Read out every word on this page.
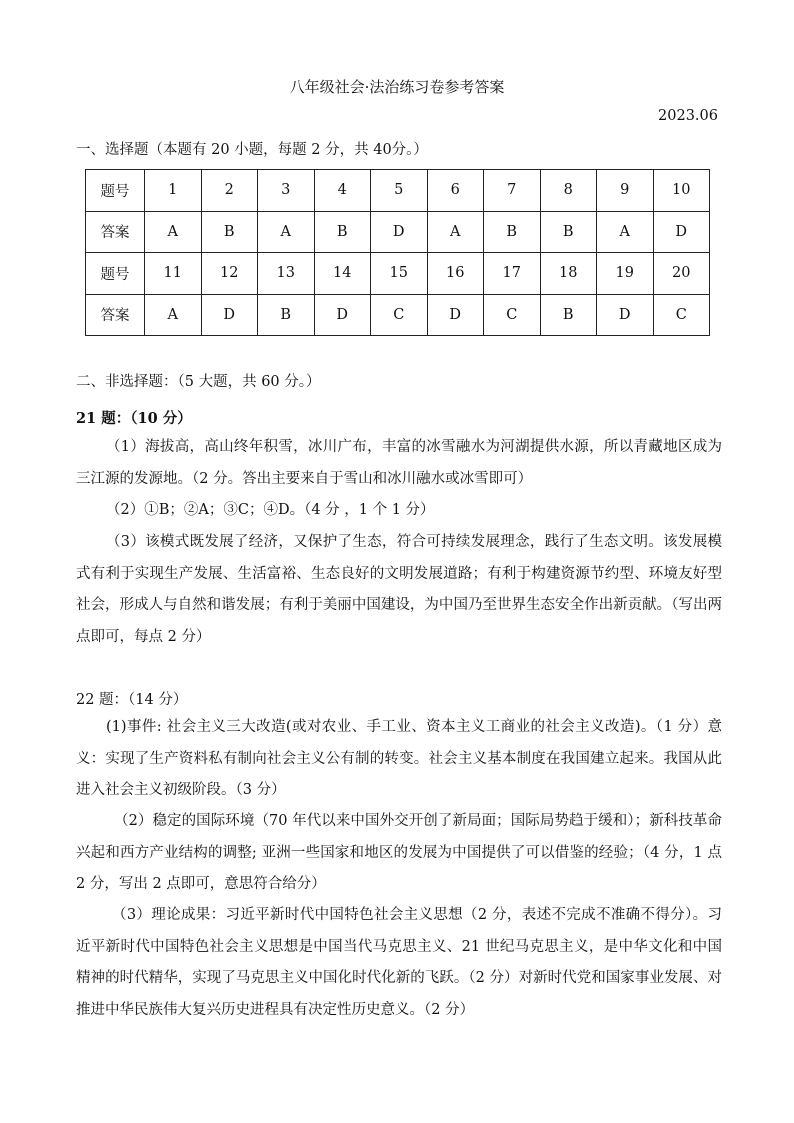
八年级社会·法治练习卷参考答案
2023.06
一、选择题（本题有 20 小题，每题 2 分，共 40分。）
题号	1	2	3	4	5	6	7	8	9	10
答案	A	B	A	B	D	A	B	B	A	D
题号	11	12	13	14	15	16	17	18	19	20
答案	A	D	B	D	C	D	C	B	D	C
二、非选择题：（5 大题，共 60 分。）
21 题：（10 分）
（1）海拔高，高山终年积雪，冰川广布，丰富的冰雪融水为河湖提供水源，所以青藏地区成为三江源的发源地。（2 分。答出主要来自于雪山和冰川融水或冰雪即可）
（2）①B；②A；③C；④D。（4 分 ，1 个 1 分）
（3）该模式既发展了经济，又保护了生态，符合可持续发展理念，践行了生态文明。该发展模式有利于实现生产发展、生活富裕、生态良好的文明发展道路；有利于构建资源节约型、环境友好型社会，形成人与自然和谐发展；有利于美丽中国建设，为中国乃至世界生态安全作出新贡献。（写出两点即可，每点 2 分）
22 题：（14 分）
(1)事件: 社会主义三大改造(或对农业、手工业、资本主义工商业的社会主义改造)。（1 分）意义：实现了生产资料私有制向社会主义公有制的转变。社会主义基本制度在我国建立起来。我国从此进入社会主义初级阶段。（3 分）
（2）稳定的国际环境（70 年代以来中国外交开创了新局面；国际局势趋于缓和）；新科技革命兴起和西方产业结构的调整; 亚洲一些国家和地区的发展为中国提供了可以借鉴的经验；（4 分，1 点 2 分，写出 2 点即可，意思符合给分）
（3）理论成果：习近平新时代中国特色社会主义思想（2 分，表述不完成不准确不得分）。习近平新时代中国特色社会主义思想是中国当代马克思主义、21 世纪马克思主义，是中华文化和中国精神的时代精华，实现了马克思主义中国化时代化新的飞跃。（2 分）对新时代党和国家事业发展、对推进中华民族伟大复兴历史进程具有决定性历史意义。（2 分）
